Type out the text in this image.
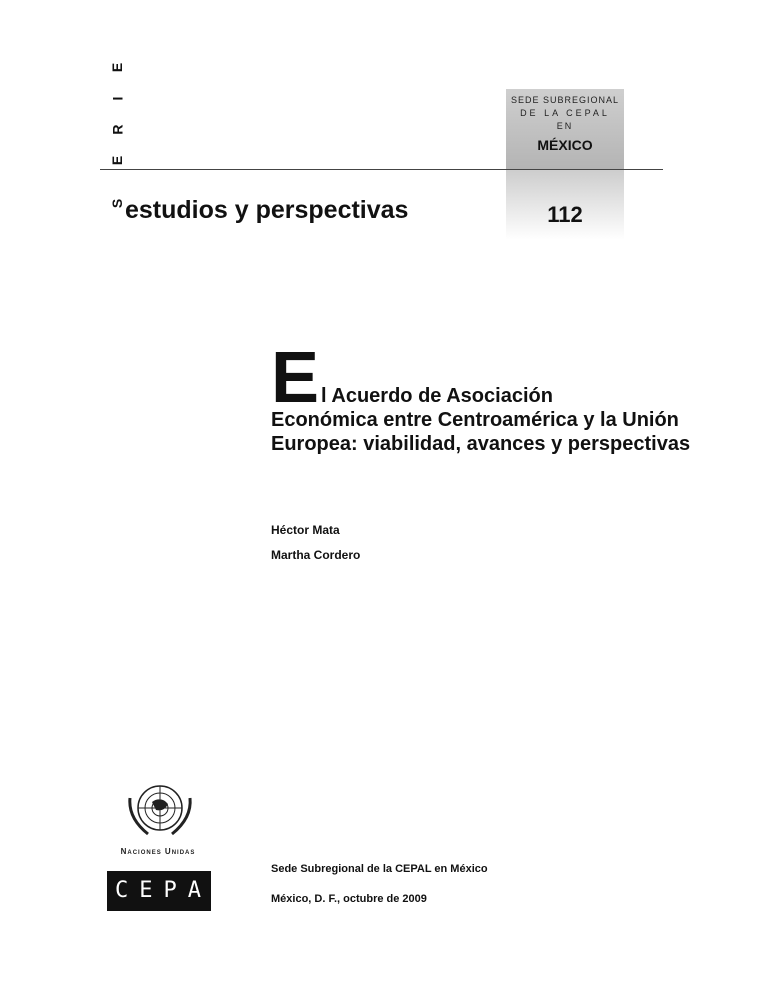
E
I
R
E
S
SEDE SUBREGIONAL
DE LA CEPAL
EN
MÉXICO
112
estudios y perspectivas
E l Acuerdo de Asociación
Económica entre Centroamérica y la Unión Europea: viabilidad, avances y perspectivas
Héctor Mata
Martha Cordero
Naciones Unidas
CEPAL
Sede Subregional de la CEPAL en México
México, D. F., octubre de 2009
